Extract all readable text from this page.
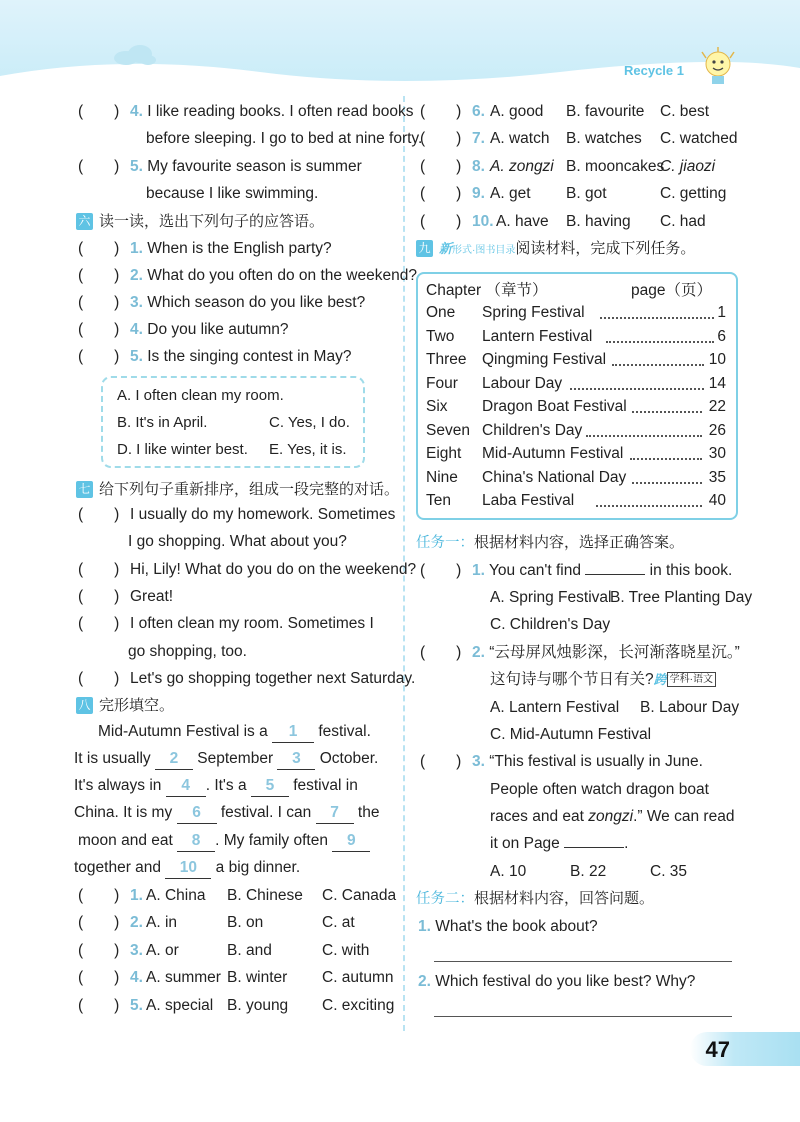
Recycle 1
(　　) 4. I like reading books. I often read books
before sleeping. I go to bed at nine forty.
(　　) 5. My favourite season is summer
because I like swimming.
六 读一读，选出下列句子的应答语。
(　　) 1. When is the English party?
(　　) 2. What do you often do on the weekend?
(　　) 3. Which season do you like best?
(　　) 4. Do you like autumn?
(　　) 5. Is the singing contest in May?
A. I often clean my room.
B. It's in April.	C. Yes, I do.
D. I like winter best. E. Yes, it is.
七 给下列句子重新排序，组成一段完整的对话。
(　　) I usually do my homework. Sometimes
I go shopping. What about you?
(　　) Hi, Lily! What do you do on the weekend?
(　　) Great!
(　　) I often clean my room. Sometimes I
go shopping, too.
(　　) Let's go shopping together next Saturday.
八 完形填空。
Mid-Autumn Festival is a 1 festival.
It is usually 2 September 3 October.
It's always in 4 . It's a 5 festival in
China. It is my 6 festival. I can 7 the
moon and eat 8 . My family often 9
together and 10 a big dinner.
(　　) 1. A. China B. Chinese C. Canada
(　　) 2. A. in	B. on	C. at
(　　) 3. A. or	B. and	C. with
(　　) 4. A. summer B. winter C. autumn
(　　) 5. A. special B. young C. exciting
(　　) 6. A. good B. favourite C. best
(　　) 7. A. watch B. watches C. watched
(　　) 8. A. zongzi B. mooncakes
C. jiaozi
(　　) 9. A. get B. got	C. getting
(　　) 10. A. have B. having C. had
九 新形式·图书目录阅读材料，完成下列任务。
Chapter （章节）	page（页）
One Spring Festival	1
Two Lantern Festival	6
Three Qingming Festival	10
Four Labour Day	14
Six Dragon Boat Festival	22
Seven Children's Day	26
Eight Mid-Autumn Festival	30
Nine China's National Day	35
Ten Laba Festival	40
任务一：根据材料内容，选择正确答案。
(　　) 1. You can't find	in this book.
A. Spring Festival
B. Tree Planting Day
C. Children's Day
(　　) 2. “云母屏风烛影深，长河渐落晓星沉。”
这句诗与哪个节日有关?跨 学科·语文
A. Lantern Festival B. Labour Day
C. Mid-Autumn Festival
(　　) 3. “This festival is usually in June.
People often watch dragon boat
races and eat zongzi.” We can read
it on Page	.
A. 10	B. 22	C. 35
任务二：根据材料内容，回答问题。
1. What's the book about?
2. Which festival do you like best? Why?
47
